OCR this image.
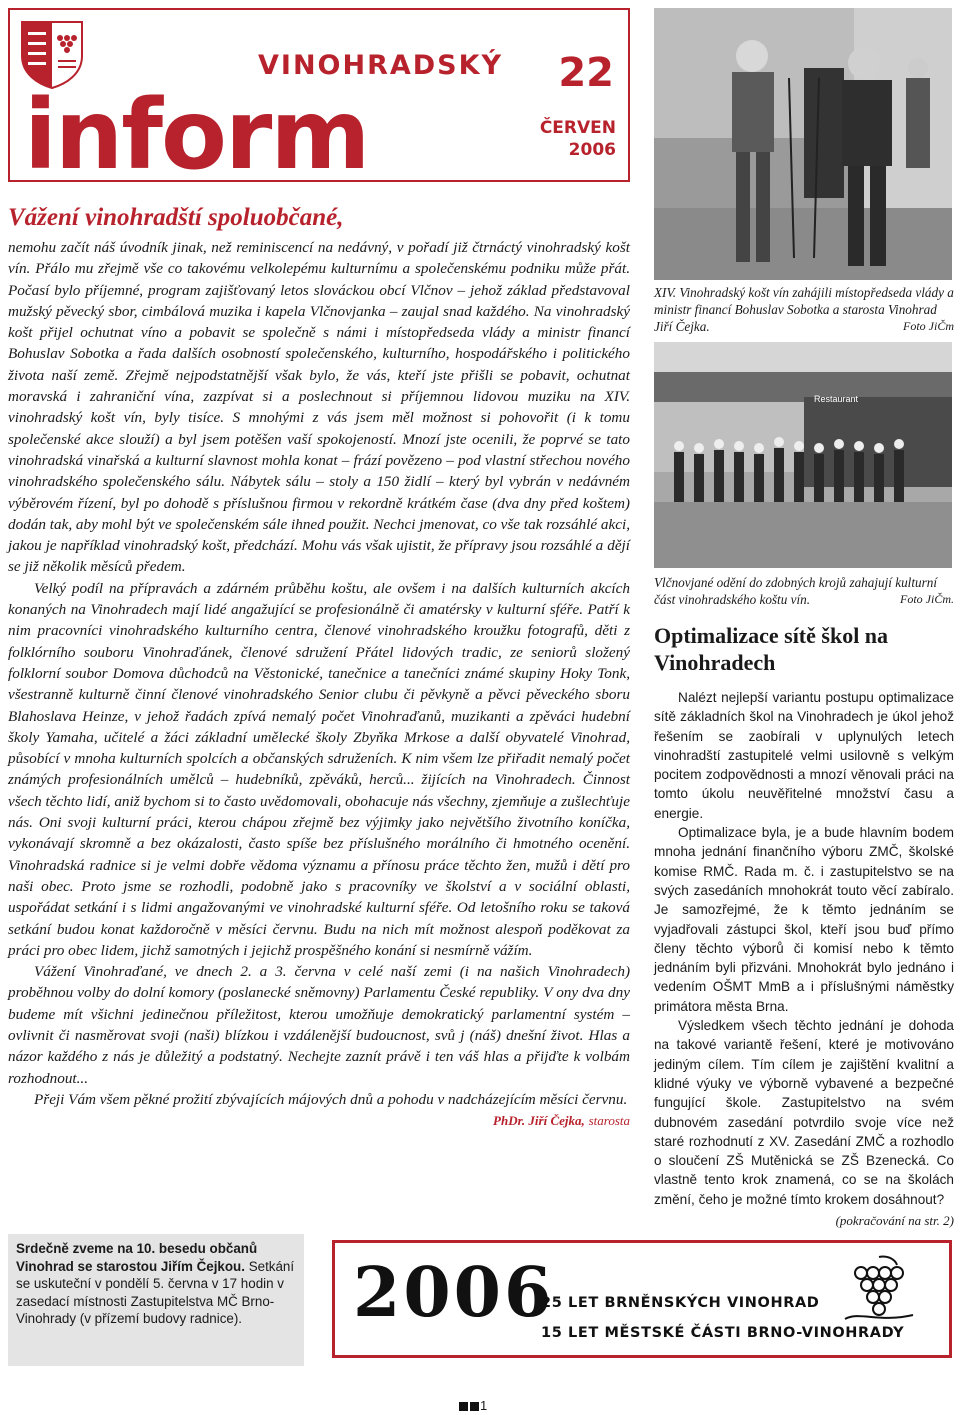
VINOHRADSKÝ
inform
22
ČERVEN
2006
Vážení vinohradští spoluobčané,

nemohu začít náš úvodník jinak, než reminiscencí na nedávný, v pořadí již čtrnáctý vinohradský košt vín. Přálo mu zřejmě vše co takovému velkolepému kulturnímu a společenskému podniku může přát. Počasí bylo příjemné, program zajišťovaný letos slováckou obcí Vlčnov – jehož základ představoval mužský pěvecký sbor, cimbálová muzika i kapela Vlčnovjanka – zaujal snad každého. Na vinohradský košt přijel ochutnat víno a pobavit se společně s námi i místopředseda vlády a ministr financí Bohuslav Sobotka a řada dalších osobností společenského, kulturního, hospodářského i politického života naší země. Zřejmě nejpodstatnější však bylo, že vás, kteří jste přišli se pobavit, ochutnat moravská i zahraniční vína, zazpívat si a poslechnout si příjemnou lidovou muziku na XIV. vinohradský košt vín, byly tisíce. S mnohými z vás jsem měl možnost si pohovořit (i k tomu společenské akce slouží) a byl jsem potěšen vaší spokojeností. Mnozí jste ocenili, že poprvé se tato vinohradská vinařská a kulturní slavnost mohla konat – frází povězeno – pod vlastní střechou nového vinohradského společenského sálu. Nábytek sálu – stoly a 150 židlí – který byl vybrán v nedávném výběrovém řízení, byl po dohodě s příslušnou firmou v rekordně krátkém čase (dva dny před koštem) dodán tak, aby mohl být ve společenském sále ihned použit. Nechci jmenovat, co vše tak rozsáhlé akci, jakou je například vinohradský košt, předchází. Mohu vás však ujistit, že přípravy jsou rozsáhlé a dějí se již několik měsíců předem.

Velký podíl na přípravách a zdárném průběhu koštu, ale ovšem i na dalších kulturních akcích konaných na Vinohradech mají lidé angažující se profesionálně či amatérsky v kulturní sféře. Patří k nim pracovníci vinohradského kulturního centra, členové vinohradského kroužku fotografů, děti z folklórního souboru Vinohraďánek, členové sdružení Přátel lidových tradic, ze seniorů složený folklorní soubor Domova důchodců na Věstonické, tanečnice a tanečníci známé skupiny Hoky Tonk, všestranně kulturně činní členové vinohradského Senior clubu či pěvkyně a pěvci pěveckého sboru Blahoslava Heinze, v jehož řadách zpívá nemalý počet Vinohraďanů, muzikanti a zpěváci hudební školy Yamaha, učitelé a žáci základní umělecké školy Zbyňka Mrkose a další obyvatelé Vinohrad, působící v mnoha kulturních spolcích a občanských sdruženích. K nim všem lze přiřadit nemalý počet známých profesionálních umělců – hudebníků, zpěváků, herců... žijících na Vinohradech. Činnost všech těchto lidí, aniž bychom si to často uvědomovali, obohacuje nás všechny, zjemňuje a zušlechťuje nás. Oni svoji kulturní práci, kterou chápou zřejmě bez výjimky jako největšího životního koníčka, vykonávají skromně a bez okázalosti, často spíše bez příslušného morálního či hmotného ocenění. Vinohradská radnice si je velmi dobře vědoma významu a přínosu práce těchto žen, mužů i dětí pro naši obec. Proto jsme se rozhodli, podobně jako s pracovníky ve školství a v sociální oblasti, uspořádat setkání i s lidmi angažovanými ve vinohradské kulturní sféře. Od letošního roku se taková setkání budou konat každoročně v měsíci červnu. Budu na nich mít možnost alespoň poděkovat za práci pro obec lidem, jichž samotných i jejichž prospěšného konání si nesmírně vážím.

Vážení Vinohraďané, ve dnech 2. a 3. června v celé naší zemi (i na našich Vinohradech) proběhnou volby do dolní komory (poslanecké sněmovny) Parlamentu České republiky. V ony dva dny budeme mít všichni jedinečnou příležitost, kterou umožňuje demokratický parlamentní systém – ovlivnit či nasměrovat svoji (naši) blízkou i vzdálenější budoucnost, svů j (náš) dnešní život. Hlas a názor každého z nás je důležitý a podstatný. Nechejte zaznít právě i ten váš hlas a přijďte k volbám rozhodnout...

Přeji Vám všem pěkné prožití zbývajících májových dnů a pohodu v nadcházejícím měsíci červnu.
PhDr. Jiří Čejka, starosta

XIV. Vinohradský košt vín zahájili místopředseda vlády a ministr financí Bohuslav Sobotka a starosta Vinohrad Jiří Čejka.	Foto JiČm
Restaurant
Vlčnovjané odění do zdobných krojů zahajují kulturní část vinohradského koštu vín.	Foto JiČm.
Optimalizace sítě škol na Vinohradech

Nalézt nejlepší variantu postupu optimalizace sítě základních škol na Vinohradech je úkol jehož řešením se zaobírali v uplynulých letech vinohradští zastupitelé velmi usilovně s velkým pocitem zodpovědnosti a mnozí věnovali práci na tomto úkolu neuvěřitelné množství času a energie.

Optimalizace byla, je a bude hlavním bodem mnoha jednání finančního výboru ZMČ, školské komise RMČ. Rada m. č. i zastupitelstvo se na svých zasedáních mnohokrát touto věcí zabíralo. Je samozřejmé, že k těmto jednáním se vyjadřovali zástupci škol, kteří jsou buď přímo členy těchto výborů či komisí nebo k těmto jednáním byli přizváni. Mnohokrát bylo jednáno i vedením OŠMT MmB a i příslušnými náměstky primátora města Brna.

Výsledkem všech těchto jednání je dohoda na takové variantě řešení, které je motivováno jediným cílem. Tím cílem je zajištění kvalitní a klidné výuky ve výborně vybavené a bezpečné fungující škole. Zastupitelstvo na svém dubnovém zasedání potvrdilo svoje více než staré rozhodnutí z XV. Zasedání ZMČ a rozhodlo o sloučení ZŠ Mutěnická se ZŠ Bzenecká. Co vlastně tento krok znamená, co se na školách změní, čeho je možné tímto krokem dosáhnout?

(pokračování na str. 2)

Srdečně zveme na 10. besedu občanů Vinohrad se starostou Jiřím Čejkou. Setkání se uskuteční v pondělí 5. června v 17 hodin v zasedací místnosti Zastupitelstva MČ Brno-Vinohrady (v přízemí budovy radnice).	2006
25 LET BRNĚNSKÝCH VINOHRAD
15 LET MĚSTSKÉ ČÁSTI BRNO-VINOHRADY
1
